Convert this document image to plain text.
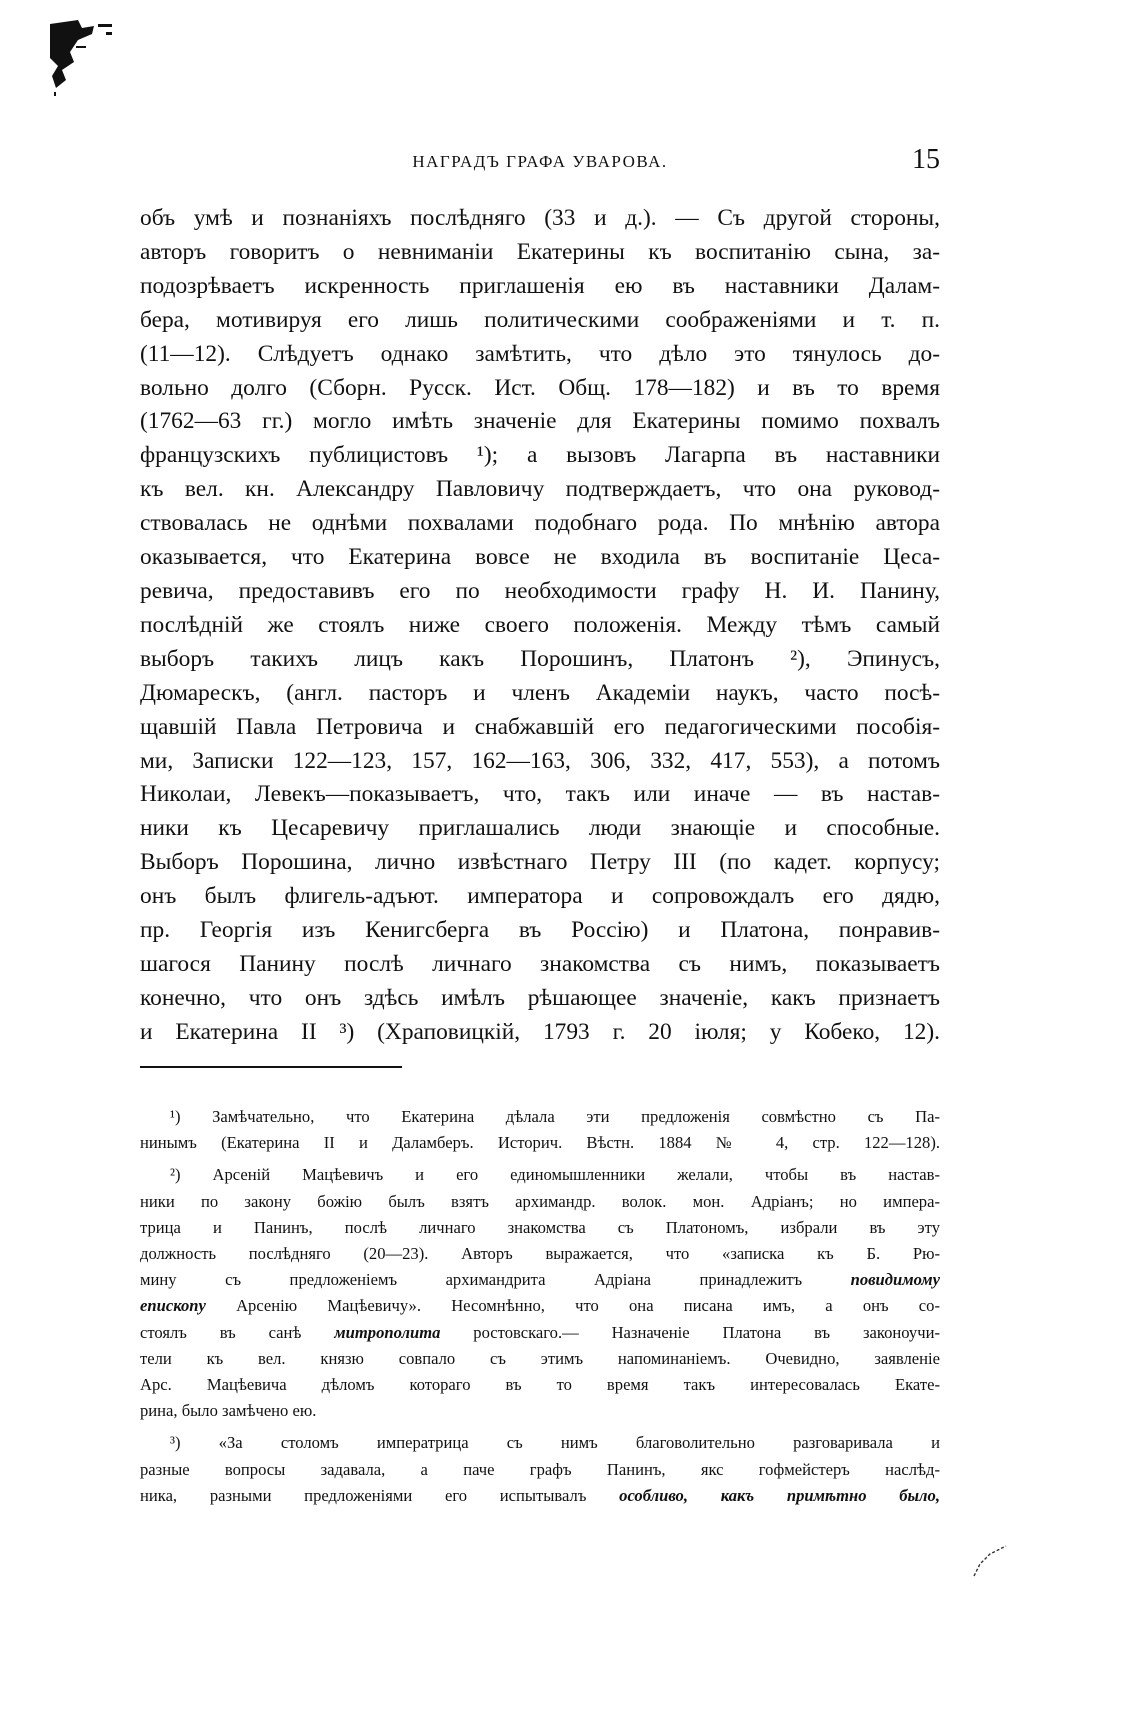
НАГРАДЪ ГРАФА УВАРОВА.	15
объ умѣ и познаніяхъ послѣдняго (33 и д.). — Съ другой стороны,
авторъ говоритъ о невниманіи Екатерины къ воспитанію сына, за-
подозрѣваетъ искренность приглашенія ею въ наставники Далам-
бера, мотивируя его лишь политическими соображеніями и т. п.
(11—12). Слѣдуетъ однако замѣтить, что дѣло это тянулось до-
вольно долго (Сборн. Русск. Ист. Общ. 178—182) и въ то время
(1762—63 гг.) могло имѣть значеніе для Екатерины помимо похвалъ
французскихъ публицистовъ ¹); а вызовъ Лагарпа въ наставники
къ вел. кн. Александру Павловичу подтверждаетъ, что она руковод-
ствовалась не однѣми похвалами подобнаго рода. По мнѣнію автора
оказывается, что Екатерина вовсе не входила въ воспитаніе Цеса-
ревича, предоставивъ его по необходимости графу Н. И. Панину,
послѣдній же стоялъ ниже своего положенія. Между тѣмъ самый
выборъ такихъ лицъ какъ Порошинъ, Платонъ ²), Эпинусъ,
Дюмарескъ, (англ. пасторъ и членъ Академіи наукъ, часто посѣ-
щавшій Павла Петровича и снабжавшій его педагогическими пособія-
ми, Записки 122—123, 157, 162—163, 306, 332, 417, 553), а потомъ
Николаи, Левекъ—показываетъ, что, такъ или иначе — въ настав-
ники къ Цесаревичу приглашались люди знающіе и способные.
Выборъ Порошина, лично извѣстнаго Петру III (по кадет. корпусу;
онъ былъ флигель-адъют. императора и сопровождалъ его дядю,
пр. Георгія изъ Кенигсберга въ Россію) и Платона, понравив-
шагося Панину послѣ личнаго знакомства съ нимъ, показываетъ
конечно, что онъ здѣсь имѣлъ рѣшающее значеніе, какъ признаетъ
и Екатерина II ³) (Храповицкій, 1793 г. 20 іюля; у Кобеко, 12).
¹) Замѣчательно, что Екатерина дѣлала эти предложенія совмѣстно съ Па-
нинымъ (Екатерина II и Даламберъ. Историч. Вѣстн. 1884 № 4, стр. 122—128).
²) Арсеній Мацѣевичъ и его единомышленники желали, чтобы въ настав-
ники по закону божію былъ взятъ архимандр. волок. мон. Адріанъ; но импера-
трица и Панинъ, послѣ личнаго знакомства съ Платономъ, избрали въ эту
должность послѣдняго (20—23). Авторъ выражается, что «записка къ Б. Рю-
мину съ предложеніемъ архимандрита Адріана принадлежитъ	повидимому
епископу Арсенію Мацѣевичу». Несомнѣнно, что она писана имъ, а онъ со-
стоялъ въ санѣ митрополита ростовскаго.— Назначеніе Платона въ законоучи-
тели къ вел. князю совпало съ этимъ напоминаніемъ. Очевидно, заявленіе
Арс. Мацѣевича дѣломъ котораго въ то время такъ интересовалась Екате-
рина, было замѣчено ею.
³) «За столомъ императрица съ нимъ благоволительно разговаривала и
разные вопросы задавала, а паче графъ Панинъ, якс гофмейстеръ наслѣд-
ника, разными предложеніями его испытывалъ особливо, какъ примѣтно было,
